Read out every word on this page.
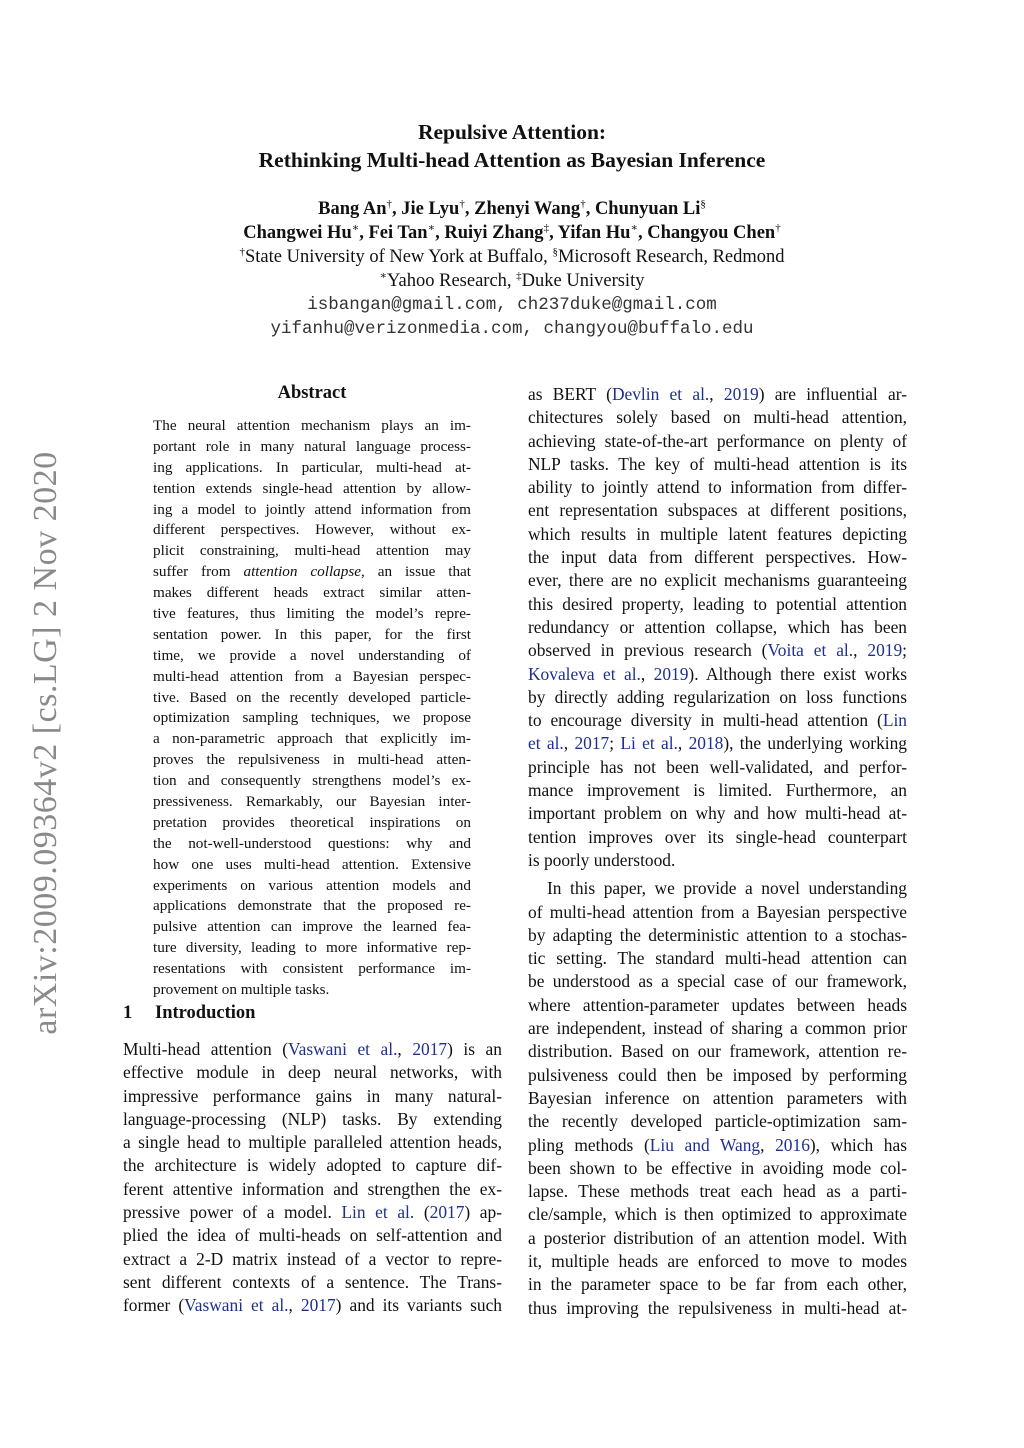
arXiv:2009.09364v2 [cs.LG] 2 Nov 2020
Repulsive Attention:
Rethinking Multi-head Attention as Bayesian Inference
Bang An†, Jie Lyu†, Zhenyi Wang†, Chunyuan Li§
Changwei Hu∗, Fei Tan∗, Ruiyi Zhang‡, Yifan Hu∗, Changyou Chen†
†State University of New York at Buffalo, §Microsoft Research, Redmond
∗Yahoo Research, ‡Duke University
isbangan@gmail.com, ch237duke@gmail.com
yifanhu@verizonmedia.com, changyou@buffalo.edu
Abstract
The neural attention mechanism plays an im-
portant role in many natural language process-
ing applications. In particular, multi-head at-
tention extends single-head attention by allow-
ing a model to jointly attend information from
different perspectives. However, without ex-
plicit constraining, multi-head attention may
suffer from attention collapse, an issue that
makes different heads extract similar atten-
tive features, thus limiting the model’s repre-
sentation power. In this paper, for the first
time, we provide a novel understanding of
multi-head attention from a Bayesian perspec-
tive. Based on the recently developed particle-
optimization sampling techniques, we propose
a non-parametric approach that explicitly im-
proves the repulsiveness in multi-head atten-
tion and consequently strengthens model’s ex-
pressiveness. Remarkably, our Bayesian inter-
pretation provides theoretical inspirations on
the not-well-understood questions: why and
how one uses multi-head attention. Extensive
experiments on various attention models and
applications demonstrate that the proposed re-
pulsive attention can improve the learned fea-
ture diversity, leading to more informative rep-
resentations with consistent performance im-
provement on multiple tasks.
1 Introduction
Multi-head attention (Vaswani et al., 2017) is an
effective module in deep neural networks, with
impressive performance gains in many natural-
language-processing (NLP) tasks. By extending
a single head to multiple paralleled attention heads,
the architecture is widely adopted to capture dif-
ferent attentive information and strengthen the ex-
pressive power of a model. Lin et al. (2017) ap-
plied the idea of multi-heads on self-attention and
extract a 2-D matrix instead of a vector to repre-
sent different contexts of a sentence. The Trans-
former (Vaswani et al., 2017) and its variants such
as BERT (Devlin et al., 2019) are influential ar-
chitectures solely based on multi-head attention,
achieving state-of-the-art performance on plenty of
NLP tasks. The key of multi-head attention is its
ability to jointly attend to information from differ-
ent representation subspaces at different positions,
which results in multiple latent features depicting
the input data from different perspectives. How-
ever, there are no explicit mechanisms guaranteeing
this desired property, leading to potential attention
redundancy or attention collapse, which has been
observed in previous research (Voita et al., 2019;
Kovaleva et al., 2019). Although there exist works
by directly adding regularization on loss functions
to encourage diversity in multi-head attention (Lin
et al., 2017; Li et al., 2018), the underlying working
principle has not been well-validated, and perfor-
mance improvement is limited. Furthermore, an
important problem on why and how multi-head at-
tention improves over its single-head counterpart
is poorly understood.
In this paper, we provide a novel understanding
of multi-head attention from a Bayesian perspective
by adapting the deterministic attention to a stochas-
tic setting. The standard multi-head attention can
be understood as a special case of our framework,
where attention-parameter updates between heads
are independent, instead of sharing a common prior
distribution. Based on our framework, attention re-
pulsiveness could then be imposed by performing
Bayesian inference on attention parameters with
the recently developed particle-optimization sam-
pling methods (Liu and Wang, 2016), which has
been shown to be effective in avoiding mode col-
lapse. These methods treat each head as a parti-
cle/sample, which is then optimized to approximate
a posterior distribution of an attention model. With
it, multiple heads are enforced to move to modes
in the parameter space to be far from each other,
thus improving the repulsiveness in multi-head at-
